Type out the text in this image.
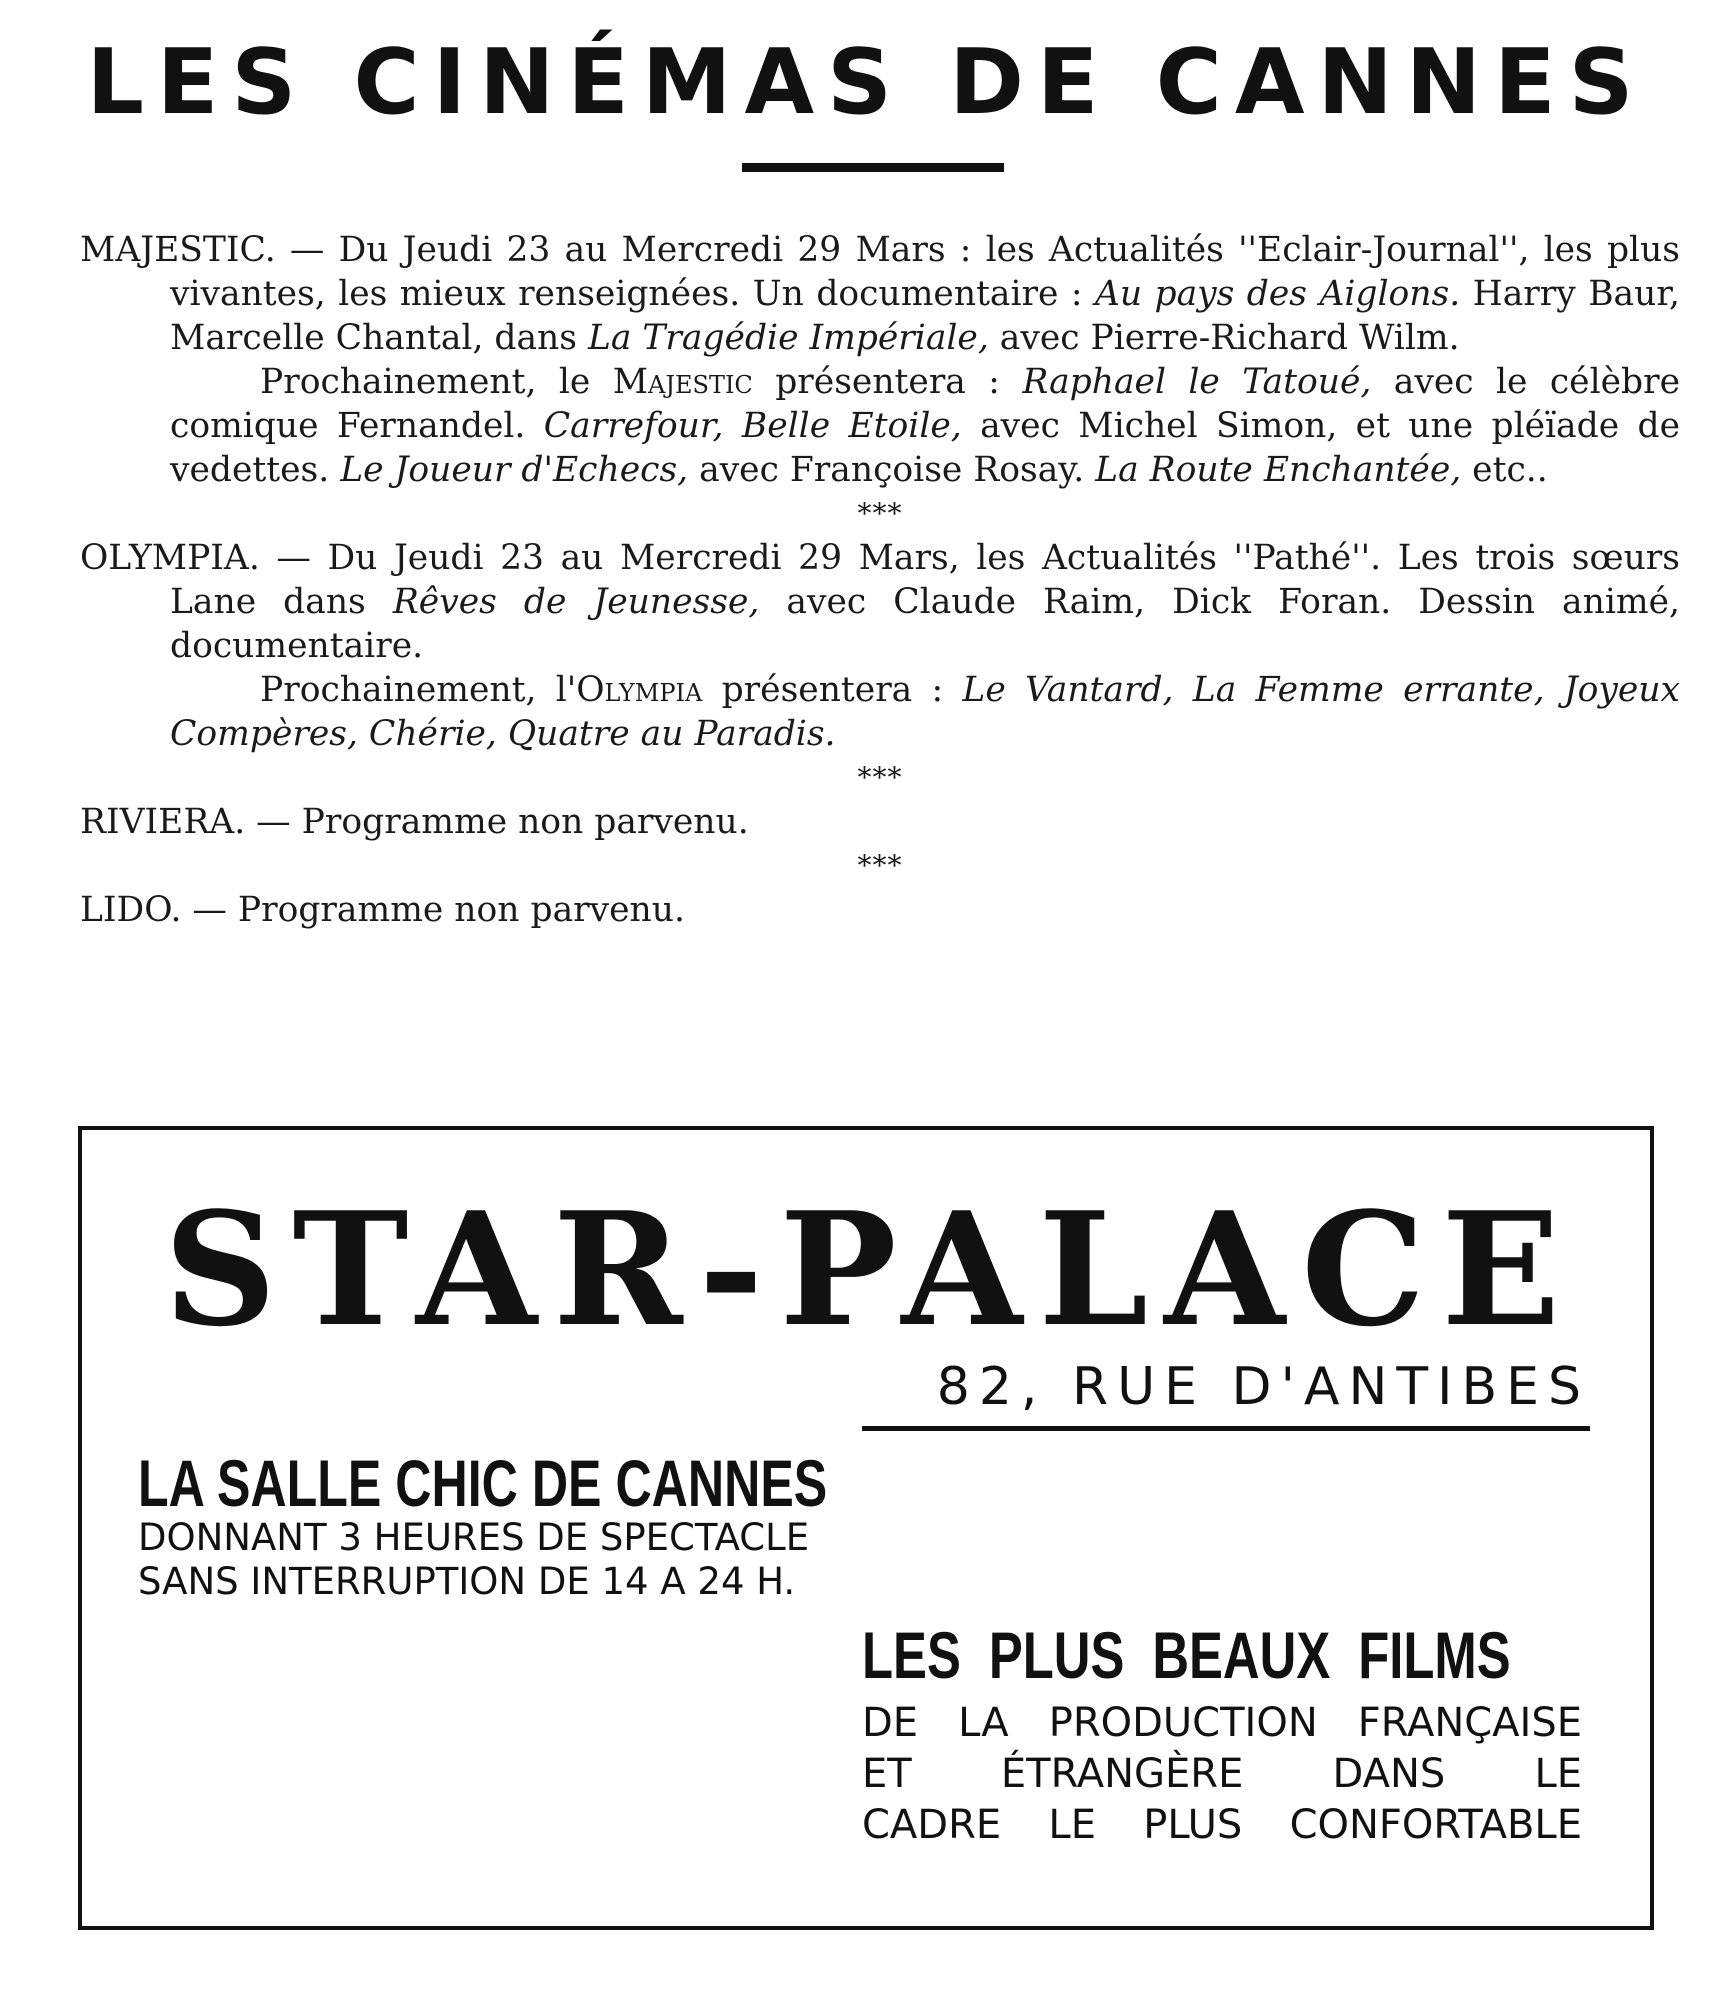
LES CINÉMAS DE CANNES

MAJESTIC. — Du Jeudi 23 au Mercredi 29 Mars : les Actualités ''Eclair-Journal'', les plus vivantes, les mieux renseignées. Un documentaire : Au pays des Aiglons. Harry Baur, Marcelle Chantal, dans La Tragédie Impériale, avec Pierre-Richard Wilm.

Prochainement, le Majestic présentera : Raphael le Tatoué, avec le célèbre comique Fernandel. Carrefour, Belle Etoile, avec Michel Simon, et une pléïade de vedettes. Le Joueur d'Echecs, avec Françoise Rosay. La Route Enchantée, etc..

***

OLYMPIA. — Du Jeudi 23 au Mercredi 29 Mars, les Actualités ''Pathé''. Les trois sœurs Lane dans Rêves de Jeunesse, avec Claude Raim, Dick Foran. Dessin animé, documentaire.

Prochainement, l'Olympia présentera : Le Vantard, La Femme errante, Joyeux Compères, Chérie, Quatre au Paradis.

***

RIVIERA. — Programme non parvenu.

***

LIDO. — Programme non parvenu.

STAR-PALACE
82, RUE D'ANTIBES
LA SALLE CHIC DE CANNES
DONNANT 3 HEURES DE SPECTACLE
SANS INTERRUPTION DE 14 A 24 H.
LES PLUS BEAUX FILMS
DE LA PRODUCTION FRANÇAISE
ET ÉTRANGÈRE DANS LE
CADRE LE PLUS CONFORTABLE
